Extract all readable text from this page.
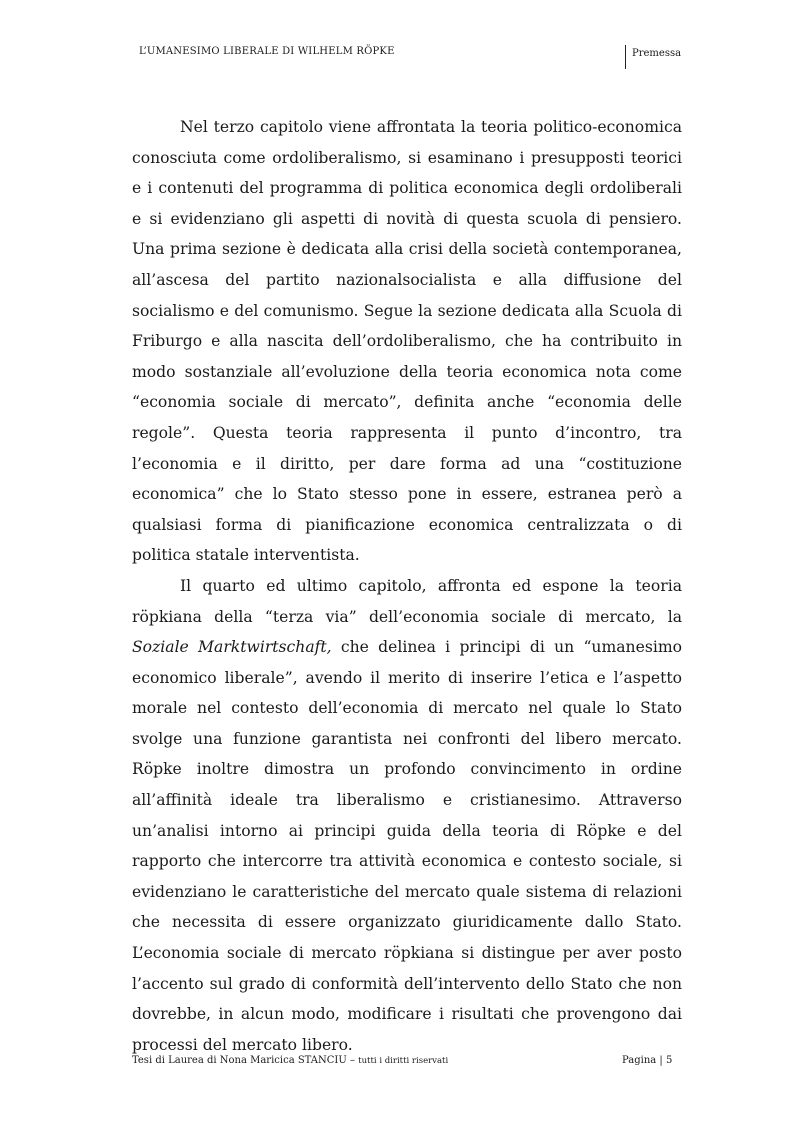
L’UMANESIMO LIBERALE DI WILHELM RÖPKE	Premessa

Nel terzo capitolo viene affrontata la teoria politico-economica conosciuta come ordoliberalismo, si esaminano i presupposti teorici e i contenuti del programma di politica economica degli ordoliberali e si evidenziano gli aspetti di novità di questa scuola di pensiero. Una prima sezione è dedicata alla crisi della società contemporanea, all’ascesa del partito nazionalsocialista e alla diffusione del socialismo e del comunismo. Segue la sezione dedicata alla Scuola di Friburgo e alla nascita dell’ordoliberalismo, che ha contribuito in modo sostanziale all’evoluzione della teoria economica nota come “economia sociale di mercato”, definita anche “economia delle regole”. Questa teoria rappresenta il punto d’incontro, tra l’economia e il diritto, per dare forma ad una “costituzione economica” che lo Stato stesso pone in essere, estranea però a qualsiasi forma di pianificazione economica centralizzata o di politica statale interventista.

Il quarto ed ultimo capitolo, affronta ed espone la teoria röpkiana della “terza via” dell’economia sociale di mercato, la Soziale Marktwirtschaft, che delinea i principi di un “umanesimo economico liberale”, avendo il merito di inserire l’etica e l’aspetto morale nel contesto dell’economia di mercato nel quale lo Stato svolge una funzione garantista nei confronti del libero mercato. Röpke inoltre dimostra un profondo convincimento in ordine all’affinità ideale tra liberalismo e cristianesimo. Attraverso un’analisi intorno ai principi guida della teoria di Röpke e del rapporto che intercorre tra attività economica e contesto sociale, si evidenziano le caratteristiche del mercato quale sistema di relazioni che necessita di essere organizzato giuridicamente dallo Stato. L’economia sociale di mercato röpkiana si distingue per aver posto l’accento sul grado di conformità dell’intervento dello Stato che non dovrebbe, in alcun modo, modificare i risultati che provengono dai processi del mercato libero.

Tesi di Laurea di Nona Maricica STANCIU – tutti i diritti riservati	Pagina | 5
